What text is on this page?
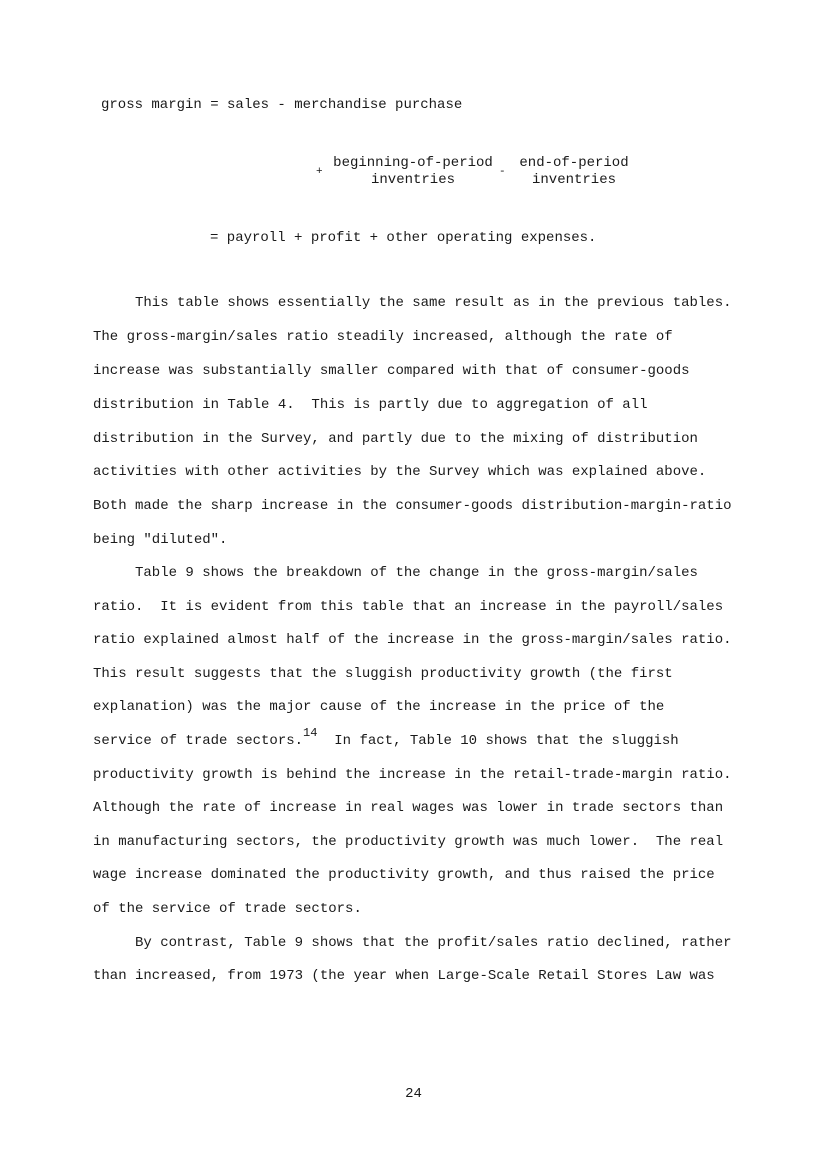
gross margin = sales - merchandise purchase
+
beginning-of-period
inventries	-
end-of-period
inventries
= payroll + profit + other operating expenses.
This table shows essentially the same result as in the previous tables.
The gross-margin/sales ratio steadily increased, although the rate of
increase was substantially smaller compared with that of consumer-goods
distribution in Table 4.  This is partly due to aggregation of all
distribution in the Survey, and partly due to the mixing of distribution
activities with other activities by the Survey which was explained above.
Both made the sharp increase in the consumer-goods distribution-margin-ratio
being "diluted".
Table 9 shows the breakdown of the change in the gross-margin/sales
ratio.  It is evident from this table that an increase in the payroll/sales
ratio explained almost half of the increase in the gross-margin/sales ratio.
This result suggests that the sluggish productivity growth (the first
explanation) was the major cause of the increase in the price of the
service of trade sectors.$^{14}$  In fact, Table 10 shows that the sluggish
productivity growth is behind the increase in the retail-trade-margin ratio.
Although the rate of increase in real wages was lower in trade sectors than
in manufacturing sectors, the productivity growth was much lower.  The real
wage increase dominated the productivity growth, and thus raised the price
of the service of trade sectors.
By contrast, Table 9 shows that the profit/sales ratio declined, rather
than increased, from 1973 (the year when Large-Scale Retail Stores Law was
24
